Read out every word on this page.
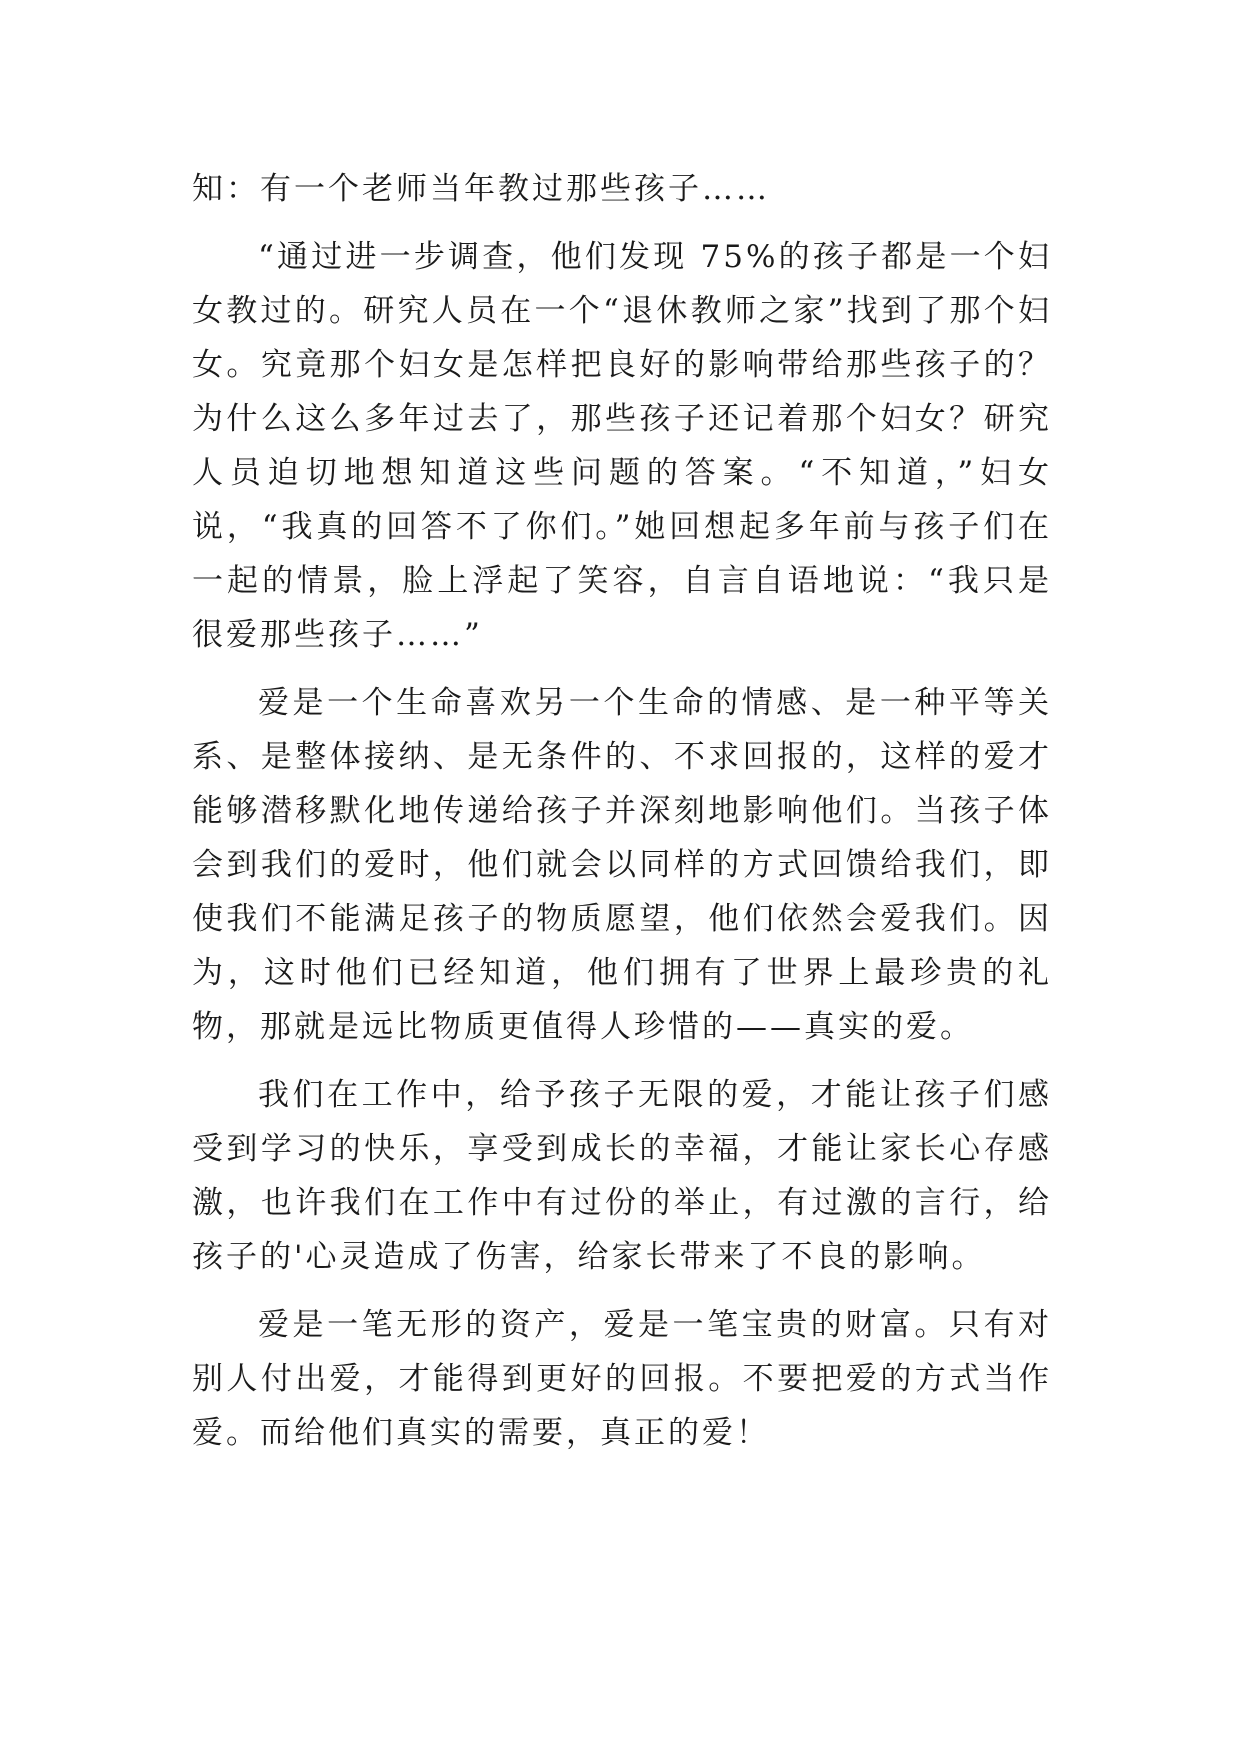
知：有一个老师当年教过那些孩子……

“通过进一步调查，他们发现 75%的孩子都是一个妇女教过的。研究人员在一个“退休教师之家”找到了那个妇女。究竟那个妇女是怎样把良好的影响带给那些孩子的？为什么这么多年过去了，那些孩子还记着那个妇女？研究人员迫切地想知道这些问题的答案。“不知道，”妇女说，“我真的回答不了你们。”她回想起多年前与孩子们在一起的情景，脸上浮起了笑容，自言自语地说：“我只是很爱那些孩子……”

爱是一个生命喜欢另一个生命的情感、是一种平等关系、是整体接纳、是无条件的、不求回报的，这样的爱才能够潜移默化地传递给孩子并深刻地影响他们。当孩子体会到我们的爱时，他们就会以同样的方式回馈给我们，即使我们不能满足孩子的物质愿望，他们依然会爱我们。因为，这时他们已经知道，他们拥有了世界上最珍贵的礼物，那就是远比物质更值得人珍惜的——真实的爱。

我们在工作中，给予孩子无限的爱，才能让孩子们感受到学习的快乐，享受到成长的幸福，才能让家长心存感激，也许我们在工作中有过份的举止，有过激的言行，给孩子的'心灵造成了伤害，给家长带来了不良的影响。

爱是一笔无形的资产，爱是一笔宝贵的财富。只有对别人付出爱，才能得到更好的回报。不要把爱的方式当作爱。而给他们真实的需要，真正的爱！
